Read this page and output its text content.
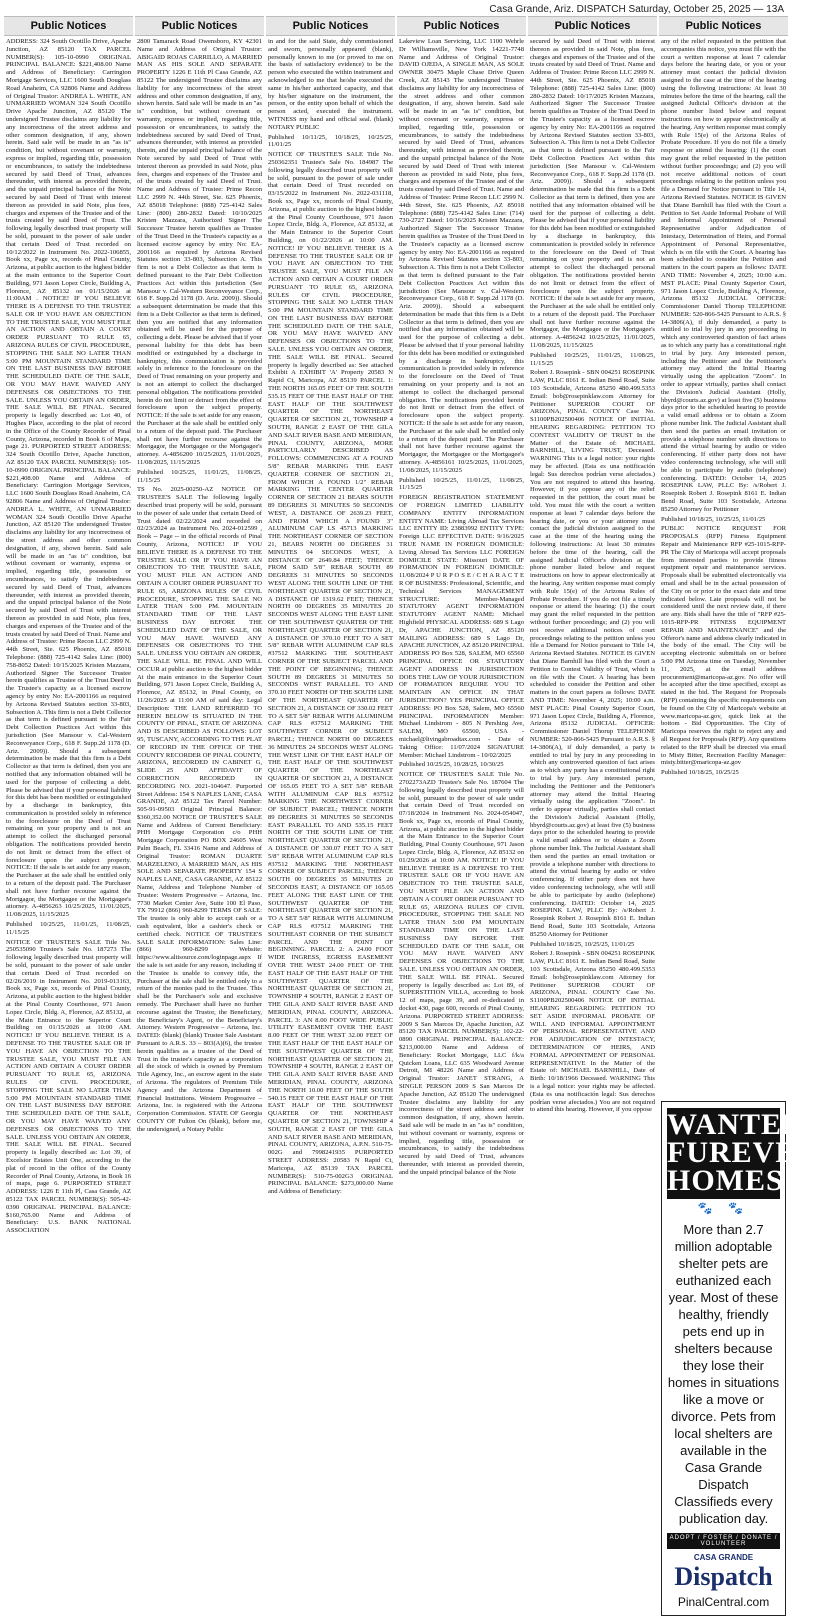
Casa Grande, Ariz. DISPATCH Saturday, October 25, 2025 — 13A
Public Notices

ADDRESS: 324 South Ocotillo Drive, Apache Junction, AZ 85120 TAX PARCEL NUMBER(S): 105-10-0990 ORIGINAL PRINCIPAL BALANCE: $221,408.00 Name and Address of Beneficiary: Carrington Mortgage Services, LLC 1600 South Douglass Road Anaheim, CA 92806 Name and Address of Original Trustor: ANDREA L. WHITE, AN UNMARRIED WOMAN 324 South Ocotillo Drive Apache Junction, AZ 85120 The undersigned Trustee disclaims any liability for any incorrectness of the street address and other common designation, if any, shown herein. Said sale will be made in an "as is" condition, but without covenant or warranty, express or implied, regarding title, possession or encumbrances, to satisfy the indebtedness secured by said Deed of Trust, advances thereunder, with interest as provided therein, and the unpaid principal balance of the Note secured by said Deed of Trust with interest thereon as provided in said Note, plus fees, charges and expenses of the Trustee and of the trusts created by said Deed of Trust. The following legally described trust property will be sold, pursuant to the power of sale under that certain Deed of Trust recorded on 10/12/2022 in Instrument No. 2022-106855, Book xx, Page xx, records of Pinal County, Arizona, at public auction to the highest bidder at the main entrance to the Superior Court Building, 971 Jason Lopez Circle, Building A, Florence, AZ 85132 on 01/15/2026 at 11:00AM . NOTICE! IF YOU BELIEVE THERE IS A DEFENSE TO THE TRUSTEE SALE OR IF YOU HAVE AN OBJECTION TO THE TRUSTEE SALE, YOU MUST FILE AN ACTION AND OBTAIN A COURT ORDER PURSUANT TO RULE 65, ARIZONA RULES OF CIVIL PROCEDURE, STOPPING THE SALE NO LATER THAN 5:00 PM MOUNTAIN STANDARD TIME ON THE LAST BUSINESS DAY BEFORE THE SCHEDULED DATE OF THE SALE, OR YOU MAY HAVE WAIVED ANY DEFENSES OR OBJECTIONS TO THE SALE. UNLESS YOU OBTAIN AN ORDER, THE SALE WILL BE FINAL. Secured property is legally described as: Lot 40, of Hughes Place, according to the plat of record in the Office of the County Recorder of Pinal County, Arizona, recorded in Book 6 of Maps, page 21. PURPORTED STREET ADDRESS: 324 South Ocotillo Drive, Apache Junction, AZ 85120 TAX PARCEL NUMBER(S): 105-10-0990 ORIGINAL PRINCIPAL BALANCE: $221,408.00 Name and Address of Beneficiary: Carrington Mortgage Services, LLC 1600 South Douglass Road Anaheim, CA 92806 Name and Address of Original Trustor: ANDREA L. WHITE, AN UNMARRIED WOMAN 324 South Ocotillo Drive Apache Junction, AZ 85120 The undersigned Trustee disclaims any liability for any incorrectness of the street address and other common designation, if any, shown herein. Said sale will be made in an "as is" condition, but without covenant or warranty, express or implied, regarding title, possession or encumbrances, to satisfy the indebtedness secured by said Deed of Trust, advances thereunder, with interest as provided therein, and the unpaid principal balance of the Note secured by said Deed of Trust with interest thereon as provided in said Note, plus fees, charges and expenses of the Trustee and of the trusts created by said Deed of Trust. Name and Address of Trustee: Prime Recon LLC 2999 N. 44th Street, Ste. 625 Phoenix, AZ 85018 Telephone: (888) 725-4142 Sales Line: (800) 758-8052 Dated: 10/15/2025 Kristen Mazzara, Authorized Signer The Successor Trustee herein qualifies as Trustee of the Trust Deed in the Trustee's capacity as a licensed escrow agency by entry No: EA-2001166 as required by Arizona Revised Statutes section 33-803, Subsection A. This firm is not a Debt Collector as that term is defined pursuant to the Fair Debt Collection Practices Act within this jurisdiction (See Mansour v. Cal-Western Reconveyance Corp., 618 F. Supp.2d 1178 (D. Ariz. 2009)). Should a subsequent determination be made that this firm is a Debt Collector as that term is defined, then you are notified that any information obtained will be used for the purpose of collecting a debt. Please be advised that if your personal liability for this debt has been modified or extinguished by a discharge in bankruptcy, this communication is provided solely in reference to the foreclosure on the Deed of Trust remaining on your property and is not an attempt to collect the discharged personal obligation. The notifications provided herein do not limit or detract from the effect of foreclosure upon the subject property. NOTICE: If the sale is set aside for any reason, the Purchaser at the sale shall be entitled only to a return of the deposit paid. The Purchaser shall not have further recourse against the Mortgagor, the Mortgagee or the Mortgagee's attorney. A-4856263 10/25/2025, 11/01/2025, 11/08/2025, 11/15/2025

Published 10/25/25, 11/01/25, 11/08/25, 11/15/25

NOTICE OF TRUSTEE'S SALE Title No. 250535090 Trustee's Sale No. 187273 The following legally described trust property will be sold, pursuant to the power of sale under that certain Deed of Trust recorded on 02/26/2019 in Instrument No. 2019-013163, Book xx, Page xx, records of Pinal County, Arizona, at public auction to the highest bidder at the Pinal County Courthouse, 971 Jason Lopez Circle, Bldg. A, Florence, AZ 85132, at the Main Entrance to the Superior Court Building on 01/15/2026 at 10:00 AM. NOTICE! IF YOU BELIEVE THERE IS A DEFENSE TO THE TRUSTEE SALE OR IF YOU HAVE AN OBJECTION TO THE TRUSTEE SALE, YOU MUST FILE AN ACTION AND OBTAIN A COURT ORDER PURSUANT TO RULE 65, ARIZONA RULES OF CIVIL PROCEDURE, STOPPING THE SALE NO LATER THAN 5:00 PM MOUNTAIN STANDARD TIME ON THE LAST BUSINESS DAY BEFORE THE SCHEDULED DATE OF THE SALE, OR YOU MAY HAVE WAIVED ANY DEFENSES OR OBJECTIONS TO THE SALE. UNLESS YOU OBTAIN AN ORDER, THE SALE WILL BE FINAL. Secured property is legally described as: Lot 39, of Excelsior Estates Unit One, according to the plat of record in the office of the County Recorder of Pinal County, Arizona, in Book 16 of maps, page 6. PURPORTED STREET ADDRESS: 1226 E 11th Pl, Casa Grande, AZ 85122 TAX PARCEL NUMBER(S): 505-42-0390 ORIGINAL PRINCIPAL BALANCE: $160,765.00 Name and Address of Beneficiary: U.S. BANK NATIONAL ASSOCIATION

Public Notices

2800 Tamarack Road Owensboro, KY 42301 Name and Address of Original Trustor: ABIGAID ROJAS CARRILLO, A MARRIED MAN AS HIS SOLE AND SEPARATE PROPERTY 1226 E 11th Pl Casa Grande, AZ 85122 The undersigned Trustee disclaims any liability for any incorrectness of the street address and other common designation, if any, shown herein. Said sale will be made in an "as is" condition, but without covenant or warranty, express or implied, regarding title, possession or encumbrances, to satisfy the indebtedness secured by said Deed of Trust, advances thereunder, with interest as provided therein, and the unpaid principal balance of the Note secured by said Deed of Trust with interest thereon as provided in said Note, plus fees, charges and expenses of the Trustee and of the trusts created by said Deed of Trust. Name and Address of Trustee: Prime Recon LLC 2999 N. 44th Street, Ste. 625 Phoenix, AZ 85018 Telephone: (888) 725-4142 Sales Line: (800) 280-2832 Dated: 10/10/2025 Kristen Mazzara, Authorized Signer The Successor Trustee herein qualifies as Trustee of the Trust Deed in the Trustee's capacity as a licensed escrow agency by entry No: EA-2001166 as required by Arizona Revised Statutes section 33-803, Subsection A. This firm is not a Debt Collector as that term is defined pursuant to the Fair Debt Collection Practices Act within this jurisdiction (See Mansour v. Cal-Western Reconveyance Corp., 618 F. Supp.2d 1178 (D. Ariz. 2009)). Should a subsequent determination be made that this firm is a Debt Collector as that term is defined, then you are notified that any information obtained will be used for the purpose of collecting a debt. Please be advised that if your personal liability for this debt has been modified or extinguished by a discharge in bankruptcy, this communication is provided solely in reference to the foreclosure on the Deed of Trust remaining on your property and is not an attempt to collect the discharged personal obligation. The notifications provided herein do not limit or detract from the effect of foreclosure upon the subject property. NOTICE: If the sale is set aside for any reason, the Purchaser at the sale shall be entitled only to a return of the deposit paid. The Purchaser shall not have further recourse against the Mortgagor, the Mortgagee or the Mortgagee's attorney. A-4856200 10/25/2025, 11/01/2025, 11/08/2025, 11/15/2025

Published 10/25/25, 11/01/25, 11/08/25, 11/15/25

TS No. 2025-00250-AZ NOTICE OF TRUSTEE'S SALE The following legally described trust property will be sold, pursuant to the power of sale under that certain Deed of Trust dated 02/22/2024 and recorded on 02/23/2024 as Instrument No. 2024-012599 , Book -- Page -- in the official records of Pinal County, Arizona, NOTICE! IF YOU BELIEVE THERE IS A DEFENSE TO THE TRUSTEE SALE OR IF YOU HAVE AN OBJECTION TO THE TRUSTEE SALE, YOU MUST FILE AN ACTION AND OBTAIN A COURT ORDER PURSUANT TO RULE 65, ARIZONA RULES OF CIVIL PROCEDURE, STOPPING THE SALE NO LATER THAN 5:00 PM. MOUNTAIN STANDARD TIME OF THE LAST BUSINESS DAY BEFORE THE SCHEDULED DATE OF THE SALE, OR YOU MAY HAVE WAIVED ANY DEFENSES OR OBJECTIONS TO THE SALE. UNLESS YOU OBTAIN AN ORDER, THE SALE WILL BE FINAL AND WILL OCCUR at public auction to the highest bidder At the main entrance to the Superior Court Building, 971 Jason Lopez Circle, Building A, Florence, AZ 85132, in Pinal County, on 11/26/2025 at 11:00 AM of said day: Legal Description: THE LAND REFERRED TO HEREIN BELOW IS SITUATED IN THE COUNTY OF PINAL, STATE OF ARIZONA AND IS DESCRIBED AS FOLLOWS: LOT 95, TUSCANY, ACCORDING TO THE PLAT OF RECORD IN THE OFFICE OF THE COUNTY RECORDER OF PINAL COUNTY, ARIZONA, RECORDED IN CABINET G, SLIDE 25 AND AFFIDAVIT OF CORRECTION RECORDED IN RECORDING NO. 2021-104647. Purported Street Address: 154 S NAPLES LANE, CASA GRANDE, AZ 85122 Tax Parcel Number: 505-91-09503 Original Principal Balance: $360,352.00 NOTICE OF TRUSTEE'S SALE Name and Address of Current Beneficiary: PHH Mortgage Corporation c/o PHH Mortgage Corporation PO BOX 24605 West Palm Beach, FL 33416 Name and Address of Original Trustor: ROMAN DUARTE MARZELENO, A MARRIED MAN, AS HIS SOLE AND SEPARATE PROPERTY 154 S NAPLES LANE, CASA GRANDE, AZ 85122 Name, Address and Telephone Number of Trustee: Western Progressive – Arizona, Inc. 7730 Market Center Ave, Suite 100 El Paso, TX 79912 (866) 960-8299 TERMS OF SALE: The trustee is only able to accept cash or a cash equivalent, like a cashier's check or certified check. NOTICE OF TRUSTEE'S SALE SALE INFORMATION: Sales Line: (866) 960-8299 Website: https://www.altisource.com/loginpage.aspx If the sale is set aside for any reason, including if the Trustee is unable to convey title, the Purchaser at the sale shall be entitled only to a return of the monies paid to the Trustee. This shall be the Purchaser's sole and exclusive remedy. The Purchaser shall have no further recourse against the Trustor, the Beneficiary, the Beneficiary's Agent, or the Beneficiary's Attorney. Western Progressive – Arizona, Inc. DATED: (blank) (blank) Trustee Sale Assistant Pursuant to A.R.S. 33 – 803(A)(6), the trustee herein qualifies as a trustee of the Deed of Trust in the trustee's capacity as a corporation all the stock of which is owned by Premium Title Agency, Inc., an escrow agent in the state of Arizona. The regulators of Premium Title Agency and the Arizona Department of Financial Institutions. Western Progressive – Arizona, Inc. is registered with the Arizona Corporation Commission. STATE OF Georgia COUNTY OF Fulton On (blank), before me, the undersigned, a Notary Public

Public Notices

in and for the said State, duly commissioned and sworn, personally appeared (blank), personally known to me (or proved to me on the basis of satisfactory evidence) to be the person who executed the within instrument and acknowledged to me that he/she executed the same in his/her authorized capacity, and that by his/her signature on the instrument, the person, or the entity upon behalf of which the person acted, executed the instrument. WITNESS my hand and official seal. (blank) NOTARY PUBLIC

Published 10/11/25, 10/18/25, 10/25/25, 11/01/25

NOTICE OF TRUSTEE'S SALE Title No. 250362351 Trustee's Sale No. 184987 The following legally described trust property will be sold, pursuant to the power of sale under that certain Deed of Trust recorded on 03/15/2022 in Instrument No. 2022-031118, Book xx, Page xx, records of Pinal County, Arizona, at public auction to the highest bidder at the Pinal County Courthouse, 971 Jason Lopez Circle, Bldg. A, Florence, AZ 85132, at the Main Entrance to the Superior Court Building, on 01/22/2026 at 10:00 AM. NOTICE! IF YOU BELIEVE THERE IS A DEFENSE TO THE TRUSTEE SALE OR IF YOU HAVE AN OBJECTION TO THE TRUSTEE SALE, YOU MUST FILE AN ACTION AND OBTAIN A COURT ORDER PURSUANT TO RULE 65, ARIZONA RULES OF CIVIL PROCEDURE, STOPPING THE SALE NO LATER THAN 5:00 PM MOUNTAIN STANDARD TIME ON THE LAST BUSINESS DAY BEFORE THE SCHEDULED DATE OF THE SALE, OR YOU MAY HAVE WAIVED ANY DEFENSES OR OBJECTIONS TO THE SALE. UNLESS YOU OBTAIN AN ORDER, THE SALE WILL BE FINAL. Secured property is legally described as: See attached Exhibit A EXHIBIT 'A' Property 20583 N Rapid Ct, Maricopa, AZ 85139 PARCEL 1: THE NORTH 165.05 FEET OF THE SOUTH 535.15 FEET OF THE EAST HALF OF THE EAST HALF OF THE SOUTHWEST QUARTER OF THE NORTHEAST QUARTER OF SECTION 21, TOWNSHIP 4 SOUTH, RANGE 2 EAST OF THE GILA AND SALT RIVER BASE AND MERIDIAN, PINAL COUNTY, ARIZONA, MORE PARTICULARLY DESCRIBED AS FOLLOWS: COMMENCING AT A FOUND 5/8" REBAR MARKING THE EAST QUARTER CORNER OF SECTION 21, FROM WHICH A FOUND 1/2" REBAR MARKING THE CENTER QUARTER CORNER OF SECTION 21 BEARS SOUTH 89 DEGREES 31 MINUTES 50 SECONDS WEST, A DISTANCE OF 2639.23 FEET, AND FROM WHICH A FOUND 3" ALUMINUM CAP LS 45713 MARKING THE NORTHEAST CORNER OF SECTION 21, BEARS NORTH 00 DEGREES 31 MINUTES 04 SECONDS WEST, A DISTANCE OF 2649.84 FEET; THENCE FROM SAID 5/8" REBAR SOUTH 89 DEGREES 31 MINUTES 50 SECONDS WEST ALONG THE SOUTH LINE OF THE NORTHEAST QUARTER OF SECTION 21, A DISTANCE OF 1319.62 FEET; THENCE NORTH 00 DEGREES 35 MINUTES 20 SECONDS WEST ALONG THE EAST LINE OF THE SOUTHWEST QUARTER OF THE NORTHEAST QUARTER OF SECTION 21, A DISTANCE OF 370.10 FEET TO A SET 5/8" REBAR WITH ALUMINUM CAP RLS #37512 MARKING THE SOUTHEAST CORNER OF THE SUBJECT PARCEL AND THE POINT OF BEGINNING; THENCE SOUTH 89 DEGREES 31 MINUTES 50 SECONDS WEST PARALLEL TO AND 370.10 FEET NORTH OF THE SOUTH LINE OF THE NORTHEAST QUARTER OF SECTION 21, A DISTANCE OF 330.02 FEET TO A SET 5/8" REBAR WITH ALUMINUM CAP RLS #37512 MARKING THE SOUTHWEST CORNER OF SUBJECT PARCEL; THENCE NORTH 00 DEGREES 36 MINUTES 24 SECONDS WEST ALONG THE WEST LINE OF THE EAST HALF OF THE EAST HALF OF THE SOUTHWEST QUARTER OF THE NORTHEAST QUARTER OF SECTION 21, A DISTANCE OF 165.05 FEET TO A SET 5/8" REBAR WITH ALUMINUM CAP RLS #37512 MARKING THE NORTHWEST CORNER OF SUBJECT PARCEL; THENCE NORTH 89 DEGREES 31 MINUTES 50 SECONDS EAST PARALLEL TO AND 535.15 FEET NORTH OF THE SOUTH LINE OF THE NORTHEAST QUARTER OF SECTION 21, A DISTANCE OF 330.07 FEET TO A SET 5/8" REBAR WITH ALUMINUM CAP RLS #37512 MARKING THE NORTHEAST CORNER OF SUBJECT PARCEL; THENCE SOUTH 00 DEGREES 35 MINUTES 20 SECONDS EAST, A DISTANCE OF 165.05 FEET ALONG THE EAST LINE OF THE SOUTHWEST QUARTER OF THE NORTHEAST QUARTER OF SECTION 21, TO A SET 5/8" REBAR WITH ALUMINUM CAP RLS #37512 MARKING THE SOUTHEAST CORNER OF THE SUBJECT PARCEL AND THE POINT OF BEGINNING. PARCEL 2: A 24.00 FOOT WIDE INGRESS, EGRESS EASEMENT OVER THE WEST 24.00 FEET OF THE EAST HALF OF THE EAST HALF OF THE SOUTHWEST QUARTER OF THE NORTHEAST QUARTER OF SECTION 21, TOWNSHIP 4 SOUTH, RANGE 2 EAST OF THE GILA AND SALT RIVER BASE AND MERIDIAN, PINAL COUNTY, ARIZONA. PARCEL 3: AN 8.00 FOOT WIDE PUBLIC UTILITY EASEMENT OVER THE EAST 8.00 FEET OF THE WEST 32.00 FEET OF THE EAST HALF OF THE EAST HALF OF THE SOUTHWEST QUARTER OF THE NORTHEAST QUARTER OF SECTION 21, TOWNSHIP 4 SOUTH, RANGE 2 EAST OF THE GILA AND SALT RIVER BASE AND MERIDIAN, PINAL COUNTY, ARIZONA THE NORTH 10.00 FEET OF THE SOUTH 540.15 FEET OF THE EAST HALF OF THE EAST HALF OF THE SOUTHWEST QUARTER OF THE NORTHEAST QUARTER OF SECTION 21, TOWNSHIP 4 SOUTH, RANGE 2 EAST OF THE GILA AND SALT RIVER BASE AND MERIDIAN, PINAL COUNTY, ARIZONA, A.P.N. 510-75-002G and 7998241935 PURPORTED STREET ADDRESS: 20583 N Rapid Ct, Maricopa, AZ 85139 TAX PARCEL NUMBER(S): 510-75-002G3 ORIGINAL PRINCIPAL BALANCE: $273,000.00 Name and Address of Beneficiary:

Public Notices

Lakeview Loan Servicing, LLC 1100 Wehrle Dr Williamsville, New York 14221-7748 Name and Address of Original Trustor: DAVID OJEDA, A SINGLE MAN, AS SOLE OWNER 30475 Maple Chase Drive Queen Creek, AZ 85143 The undersigned Trustee disclaims any liability for any incorrectness of the street address and other common designation, if any, shown herein. Said sale will be made in an "as is" condition, but without covenant or warranty, express or implied, regarding title, possession or encumbrances, to satisfy the indebtedness secured by said Deed of Trust, advances thereunder, with interest as provided therein, and the unpaid principal balance of the Note secured by said Deed of Trust with interest thereon as provided in said Note, plus fees, charges and expenses of the Trustee and of the trusts created by said Deed of Trust. Name and Address of Trustee: Prime Recon LLC 2999 N. 44th Street, Ste. 625 Phoenix, AZ 85018 Telephone: (888) 725-4142 Sales Line: (714) 730-2727 Dated: 10/16/2025 Kristen Mazzara, Authorized Signer The Successor Trustee herein qualifies as Trustee of the Trust Deed in the Trustee's capacity as a licensed escrow agency by entry No: EA-2001166 as required by Arizona Revised Statutes section 33-803, Subsection A. This firm is not a Debt Collector as that term is defined pursuant to the Fair Debt Collection Practices Act within this jurisdiction (See Mansour v. Cal-Western Reconveyance Corp., 618 F. Supp.2d 1178 (D. Ariz. 2009)). Should a subsequent determination be made that this firm is a Debt Collector as that term is defined, then you are notified that any information obtained will be used for the purpose of collecting a debt. Please be advised that if your personal liability for this debt has been modified or extinguished by a discharge in bankruptcy, this communication is provided solely in reference to the foreclosure on the Deed of Trust remaining on your property and is not an attempt to collect the discharged personal obligation. The notifications provided herein do not limit or detract from the effect of foreclosure upon the subject property. NOTICE: If the sale is set aside for any reason, the Purchaser at the sale shall be entitled only to a return of the deposit paid. The Purchaser shall not have further recourse against the Mortgagor, the Mortgagee or the Mortgagee's attorney. A-4856161 10/25/2025, 11/01/2025, 11/08/2025, 11/15/2025

Published 10/25/25, 11/01/25, 11/08/25, 11/15/25

FOREIGN REGISTRATION STATEMENT OF FOREIGN LIMITED LIABILITY COMPANY ENTITY INFORMATION ENTITY NAME: Living Abroad Tax Services LLC ENTITY ID: 23883992 ENTITY TYPE: Foreign LLC EFFECTIVE DATE: 9/16/2025 TRUE NAME IN FOREIGN DOMICILE: Living Abroad Tax Services LLC FOREIGN DOMICILE STATE: Missouri DATE OF FORMATION IN FOREIGN DOMICILE: 11/08/2024 P U R P O S E / C H A R A C T E R OF BUSINESS: Professional, Scientific, and Technical Services MANAGEMENT STRUCTURE: Member-Managed STATUTORY AGENT INFORMATION STATUTORY AGENT NAME: Michael Highfield PHYSICAL ADDRESS: 689 S Lago Dr, APACHE JUNCTION, AZ 85120 MAILING ADDRESS: 689 S Lago Dr, APACHE JUNCTION, AZ 85120 PRINCIPAL ADDRESS PO Box 528, SALEM, MO 65560 PRINCIPAL OFFICE OR STATUTORY AGENT ADDRESS IN JURISDICTION DOES THE LAW OF YOUR JURISDICTION OF FORMATION REQUIRE YOU TO MAINTAIN AN OFFICE IN THAT JURISDICTION? YES PRINCIPAL OFFICE ADDRESS: PO Box 528, Salem, MO 65560 PRINCIPAL INFORMATION Member: Michael Lindstrom - 805 N Pershing Ave, SALEM, MO 65560, USA - michael@livingabroadtax.com - Date of Taking Office: 11/07/2024 SIGNATURE Member: Michael Lindstrom - 10/02/2025

Published 10/25/25, 10/28/25, 10/30/25

NOTICE OF TRUSTEE'S SALE Title No. 2702273AZD Trustee's Sale No. 187604 The following legally described trust property will be sold, pursuant to the power of sale under that certain Deed of Trust recorded on 07/18/2024 in Instrument No. 2024-054047, Book xx, Page xx, records of Pinal County, Arizona, at public auction to the highest bidder at the Main Entrance to the Superior Court Building, Pinal County Courthouse, 971 Jason Lopez Circle, Bldg. A, Florence, AZ 85132 on 01/29/2026 at 10:00 AM. NOTICE! IF YOU BELIEVE THERE IS A DEFENSE TO THE TRUSTEE SALE OR IF YOU HAVE AN OBJECTION TO THE TRUSTEE SALE, YOU MUST FILE AN ACTION AND OBTAIN A COURT ORDER PURSUANT TO RULE 65, ARIZONA RULES OF CIVIL PROCEDURE, STOPPING THE SALE NO LATER THAN 5:00 PM MOUNTAIN STANDARD TIME ON THE LAST BUSINESS DAY BEFORE THE SCHEDULED DATE OF THE SALE, OR YOU MAY HAVE WAIVED ANY DEFENSES OR OBJECTIONS TO THE SALE. UNLESS YOU OBTAIN AN ORDER, THE SALE WILL BE FINAL. Secured property is legally described as: Lot 89, of SUPERSTITION VILLA, according to book 12 of maps, page 39, and re-dedicated in docket 430, page 600, records of Pinal County, Arizona. PURPORTED STREET ADDRESS: 2009 S San Marcos Dr, Apache Junction, AZ 85120 TAX PARCEL NUMBER(S): 102-22-0890 ORIGINAL PRINCIPAL BALANCE: $213,000.00 Name and Address of Beneficiary: Rocket Mortgage, LLC f/k/a Quicken Loans, LLC 635 Woodward Avenue Detroit, MI 48226 Name and Address of Original Trustor: JANET STRANG, A SINGLE PERSON 2009 S San Marcos Dr Apache Junction, AZ 85120 The undersigned Trustee disclaims any liability for any incorrectness of the street address and other common designation, if any, shown herein. Said sale will be made in an "as is" condition, but without covenant or warranty, express or implied, regarding title, possession or encumbrances, to satisfy the indebtedness secured by said Deed of Trust, advances thereunder, with interest as provided therein, and the unpaid principal balance of the Note

Public Notices

secured by said Deed of Trust with interest thereon as provided in said Note, plus fees, charges and expenses of the Trustee and of the trusts created by said Deed of Trust. Name and Address of Trustee: Prime Recon LLC 2999 N. 44th Street, Ste. 625 Phoenix, AZ 85018 Telephone: (888) 725-4142 Sales Line: (800) 280-2832 Dated: 10/17/2025 Kristen Mazzara, Authorized Signer The Successor Trustee herein qualifies as Trustee of the Trust Deed in the Trustee's capacity as a licensed escrow agency by entry No: EA-2001166 as required by Arizona Revised Statutes section 33-803, Subsection A. This firm is not a Debt Collector as that term is defined pursuant to the Fair Debt Collection Practices Act within this jurisdiction (See Mansour v. Cal-Western Reconveyance Corp., 618 F. Supp.2d 1178 (D. Ariz. 2009)). Should a subsequent determination be made that this firm is a Debt Collector as that term is defined, then you are notified that any information obtained will be used for the purpose of collecting a debt. Please be advised that if your personal liability for this debt has been modified or extinguished by a discharge in bankruptcy, this communication is provided solely in reference to the foreclosure on the Deed of Trust remaining on your property and is not an attempt to collect the discharged personal obligation. The notifications provided herein do not limit or detract from the effect of foreclosure upon the subject property. NOTICE: If the sale is set aside for any reason, the Purchaser at the sale shall be entitled only to a return of the deposit paid. The Purchaser shall not have further recourse against the Mortgagor, the Mortgagee or the Mortgagee's attorney. A-4856242 10/25/2025, 11/01/2025, 11/08/2025, 11/15/2025

Published 10/25/25, 11/01/25, 11/08/25, 11/15/25

Robert J. Rosepink - SBN 004251 ROSEPINK LAW, PLLC 8161 E. Indian Bend Road, Suite 103 Scottsdale, Arizona 85250 480.499.5353 Email: bob@rosepinklaw.com Attorney for Petitioner SUPERIOR COURT OF ARIZONA, PINAL COUNTY Case No. S1100PB202500406 NOTICE OF INITIAL HEARING REGARDING: PETITION TO CONTEST VALIDITY OF TRUST In the Matter of the Estate of: MICHAEL BARNHILL, LIVING TRUST, Deceased. WARNING This is a legal notice: your rights may be affected. (Esta es una notificación legal: Sus derechos podrían verse afectados.) You are not required to attend this hearing. However, if you oppose any of the relief requested in the petition, the court must be told. You must file with the court a written response at least 7 calendar days before the hearing date, or you or your attorney must contact the judicial division assigned to the case at the time of the hearing using the following instructions: At least 30 minutes before the time of the hearing, call the assigned Judicial Officer's division at the phone number listed below and request instructions on how to appear electronically at the hearing. Any written response must comply with Rule 15(e) of the Arizona Rules of Probate Procedure. If you do not file a timely response or attend the hearing: (1) the court may grant the relief requested in the petition without further proceedings; and (2) you will not receive additional notices of court proceedings relating to the petition unless you file a Demand for Notice pursuant to Title 14, Arizona Revised Statutes. NOTICE IS GIVEN that Diane Barnhill has filed with the Court a Petition to Contest Validity of Trust, which is on file with the Court. A hearing has been scheduled to consider the Petition and other matters in the court papers as follows: DATE AND TIME: November 4, 2025; 10:00 a.m. MST PLACE: Pinal County Superior Court, 971 Jason Lopez Circle, Building A, Florence, Arizona 85132 JUDICIAL OFFICER: Commissioner Daniel Thorup TELEPHONE NUMBER: 520-866-5425 Pursuant to A.R.S. § 14-3806(A), if duly demanded, a party is entitled to trial by jury in any proceeding in which any controverted question of fact arises as to which any party has a constitutional right to trial by jury. Any interested person, including the Petitioner and the Petitioner's attorney may attend the Initial Hearing virtually using the application "Zoom". In order to appear virtually, parties shall contact the Division's Judicial Assistant (Holly, hbyrd@courts.az.gov) at least five (5) business days prior to the scheduled hearing to provide a valid email address or to obtain a Zoom phone number link. The Judicial Assistant shall then send the parties an email invitation or provide a telephone number with directions to attend the virtual hearing by audio or video conferencing. If either party does not have video conferencing technology, s/he will still be able to participate by audio (telephone) conferencing. DATED: October 14, 2025 ROSEPINK LAW, PLLC By: /s/Robert J. Rosepink Robert J. Rosepink 8161 E. Indian Bend Road, Suite 103 Scottsdale, Arizona 85250 Attorney for Petitioner

Published 10/18/25, 10/25/25, 11/01/25

Robert J. Rosepink - SBN 004251 ROSEPINK LAW, PLLC 8161 E. Indian Bend Road, Suite 103 Scottsdale, Arizona 85250 480.499.5353 Email: bob@rosepinklaw.com Attorney for Petitioner SUPERIOR COURT OF ARIZONA, PINAL COUNTY Case No. S1100PB202500406 NOTICE OF INITIAL HEARING REGARDING: PETITION TO SET ASIDE INFORMAL PROBATE OF WILL AND INFORMAL APPOINTMENT OF PERSONAL REPRESENTATIVE AND FOR ADJUDICATION OF INTESTACY, DETERMINATION OF HEIRS, AND FORMAL APPOINTMENT OF PERSONAL REPRESENTATIVE In the Matter of the Estate of: MICHAEL BARNHILL, Date of Birth: 10/18/1966 Deceased. WARNING This is a legal notice: your rights may be affected. (Esta es una notificación legal: Sus derechos podrían verse afectados.) You are not required to attend this hearing. However, if you oppose

Public Notices

any of the relief requested in the petition that accompanies this notice, you must file with the court a written response at least 7 calendar days before the hearing date, or you or your attorney must contact the judicial division assigned to the case at the time of the hearing using the following instructions: At least 30 minutes before the time of the hearing, call the assigned Judicial Officer's division at the phone number listed below and request instructions on how to appear electronically at the hearing. Any written response must comply with Rule 15(e) of the Arizona Rules of Probate Procedure. If you do not file a timely response or attend the hearing: (1) the court may grant the relief requested in the petition without further proceedings; and (2) you will not receive additional notices of court proceedings relating to the petition unless you file a Demand for Notice pursuant to Title 14, Arizona Revised Statutes. NOTICE IS GIVEN that Diane Barnhill has filed with the Court a Petition to Set Aside Informal Probate of Will and Informal Appointment of Personal Representative and/or Adjudication of Intestacy, Determination of Heirs, and Formal Appointment of Personal Representative, which is on file with the Court. A hearing has been scheduled to consider the Petition and matters in the court papers as follows: DATE AND TIME: November 4, 2025; 10:00 a.m. MST PLACE: Pinal County Superior Court, 971 Jason Lopez Circle, Building A, Florence, Arizona 85132 JUDICIAL OFFICER: Commissioner Daniel Thorup TELEPHONE NUMBER: 520-866-5425 Pursuant to A.R.S. § 14-3806(A), if duly demanded, a party is entitled to trial by jury in any proceeding in which any controverted question of fact arises as to which any party has a constitutional right to trial by jury. Any interested person, including the Petitioner and the Petitioner's attorney may attend the Initial Hearing virtually using the application "Zoom". In order to appear virtually, parties shall contact the Division's Judicial Assistant (Holly, hbyrd@courts.az.gov) at least five (5) business days prior to the scheduled hearing to provide a valid email address or to obtain a Zoom phone number link. The Judicial Assistant shall then send the parties an email invitation or provide a telephone number with directions to attend the virtual hearing by audio or video conferencing. If either party does not have video conferencing technology, s/he will still be able to participate by audio (telephone) conferencing. DATED: October 14, 2025 ROSEPINK LAW, PLLC By: /s/Robert J. Rosepink Robert J. Rosepink 8161 E. Indian Bend Road, Suite 103 Scottsdale, Arizona 85250 Attorney for Petitioner

Published 10/18/25, 10/25/25, 11/01/25

PUBLIC NOTICE REQUEST FOR PROPOSALS (RFP) Fitness Equipment Repair and Maintenance RFP #25-1015-RFP-PR The City of Maricopa will accept proposals from interested parties to provide fitness equipment repair and maintenance services. Proposals shall be submitted electronically via email and shall be in the actual possession of the City on or prior to the exact date and time indicated below. Late proposals will not be considered until the next review date, if there are any. Bids shall have the title of "RFP #25-1015-RFP-PR FITNESS EQUIPMENT REPAIR AND MAINTENANCE" and the Offeror's name and address clearly indicated in the body of the email. The City will be accepting electronic submittals on or before 5:00 PM Arizona time on Tuesday, November 11, 2025, at the email address procurement@maricopa-az.gov. No offer will be accepted after the time specified, except as stated in the bid. The Request for Proposals (RFP) containing the specific requirements can be found on the City of Maricopa's website at www.maricopa-az.gov, quick link at the bottom - Bid Opportunities. The City of Maricopa reserves the right to reject any and all Request for Proposals (RFP). Any questions related to the RFP shall be directed via email to Misty Bitter, Recreation Facility Manager: misty.bitter@maricopa-az.gov

Published 10/18/25, 10/25/25

WANTED:
FUREVER HOMES
🐾 🐾
More than 2.7 million adoptable shelter pets are euthanized each year. Most of these healthy, friendly pets end up in shelters because they lose their homes in situations like a move or divorce. Pets from local shelters are available in the Casa Grande Dispatch Classifieds every publication day.
ADOPT / FOSTER / DONATE / VOLUNTEER
CASA GRANDE
Dispatch
PinalCentral.com
